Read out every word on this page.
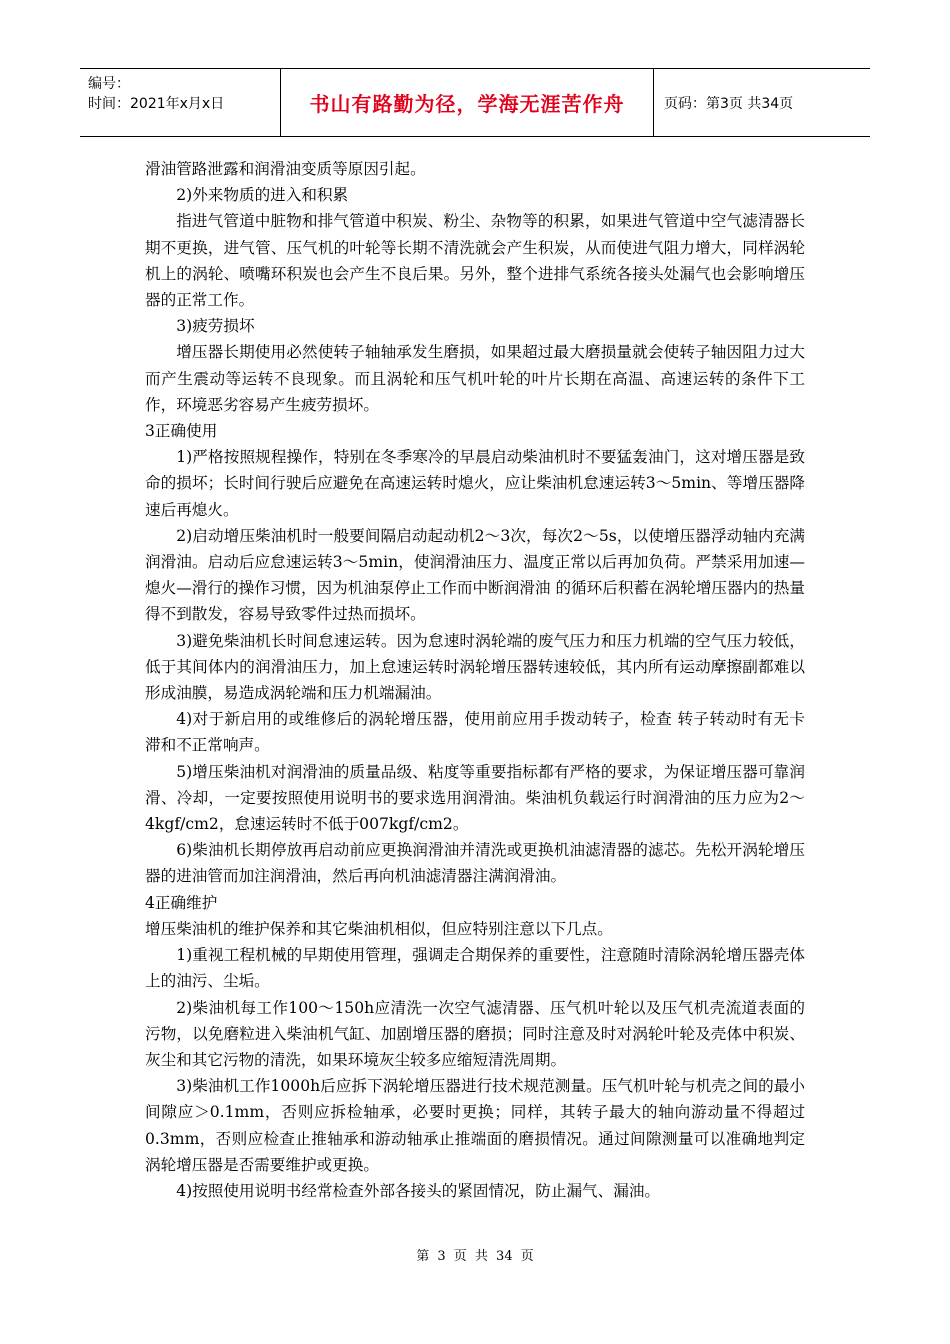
编号：
时间：2021年x月x日	书山有路勤为径，学海无涯苦作舟	页码：第3页 共34页

滑油管路泄露和润滑油变质等原因引起。

2)外来物质的进入和积累

指进气管道中脏物和排气管道中积炭、粉尘、杂物等的积累，如果进气管道中空气滤清器长期不更换，进气管、压气机的叶轮等长期不清洗就会产生积炭，从而使进气阻力增大，同样涡轮机上的涡轮、喷嘴环积炭也会产生不良后果。另外，整个进排气系统各接头处漏气也会影响增压器的正常工作。

3)疲劳损坏

增压器长期使用必然使转子轴轴承发生磨损，如果超过最大磨损量就会使转子轴因阻力过大而产生震动等运转不良现象。而且涡轮和压气机叶轮的叶片长期在高温、高速运转的条件下工作，环境恶劣容易产生疲劳损坏。

3正确使用

1)严格按照规程操作，特别在冬季寒冷的早晨启动柴油机时不要猛轰油门，这对增压器是致命的损坏；长时间行驶后应避免在高速运转时熄火，应让柴油机怠速运转3～5min、等增压器降速后再熄火。

2)启动增压柴油机时一般要间隔启动起动机2～3次，每次2～5s，以使增压器浮动轴内充满润滑油。启动后应怠速运转3～5min，使润滑油压力、温度正常以后再加负荷。严禁采用加速—熄火—滑行的操作习惯，因为机油泵停止工作而中断润滑油 的循环后积蓄在涡轮增压器内的热量得不到散发，容易导致零件过热而损坏。

3)避免柴油机长时间怠速运转。因为怠速时涡轮端的废气压力和压力机端的空气压力较低，低于其间体内的润滑油压力，加上怠速运转时涡轮增压器转速较低，其内所有运动摩擦副都难以形成油膜，易造成涡轮端和压力机端漏油。

4)对于新启用的或维修后的涡轮增压器，使用前应用手拨动转子，检查 转子转动时有无卡滞和不正常响声。

5)增压柴油机对润滑油的质量品级、粘度等重要指标都有严格的要求，为保证增压器可靠润滑、冷却，一定要按照使用说明书的要求选用润滑油。柴油机负载运行时润滑油的压力应为2～4kgf/cm2，怠速运转时不低于007kgf/cm2。

6)柴油机长期停放再启动前应更换润滑油并清洗或更换机油滤清器的滤芯。先松开涡轮增压器的进油管而加注润滑油，然后再向机油滤清器注满润滑油。

4正确维护

增压柴油机的维护保养和其它柴油机相似，但应特别注意以下几点。

1)重视工程机械的早期使用管理，强调走合期保养的重要性，注意随时清除涡轮增压器壳体上的油污、尘垢。

2)柴油机每工作100～150h应清洗一次空气滤清器、压气机叶轮以及压气机壳流道表面的污物，以免磨粒进入柴油机气缸、加剧增压器的磨损；同时注意及时对涡轮叶轮及壳体中积炭、灰尘和其它污物的清洗，如果环境灰尘较多应缩短清洗周期。

3)柴油机工作1000h后应拆下涡轮增压器进行技术规范测量。压气机叶轮与机壳之间的最小间隙应＞0.1mm，否则应拆检轴承，必要时更换；同样，其转子最大的轴向游动量不得超过0.3mm，否则应检查止推轴承和游动轴承止推端面的磨损情况。通过间隙测量可以准确地判定涡轮增压器是否需要维护或更换。

4)按照使用说明书经常检查外部各接头的紧固情况，防止漏气、漏油。

第 3 页 共 34 页
